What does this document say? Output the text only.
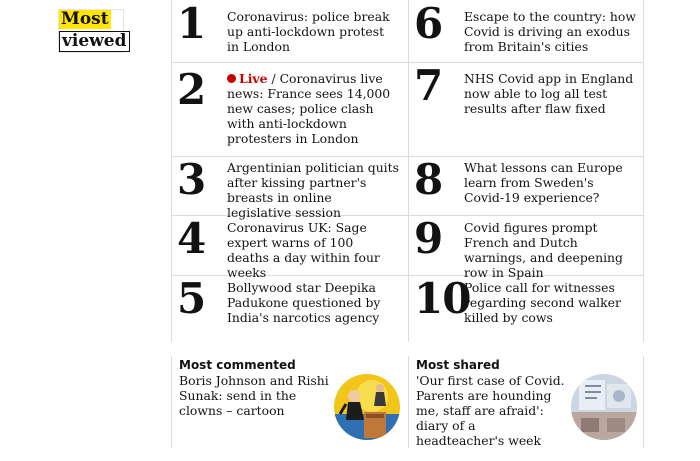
Most
viewed 1 Coronavirus: police break up anti-lockdown protest in London
2	Live / Coronavirus live news: France sees 14,000 new cases; police clash with anti-lockdown protesters in London
3 Argentinian politician quits after kissing partner's breasts in online legislative session
4 Coronavirus UK: Sage expert warns of 100 deaths a day within four weeks
5 Bollywood star Deepika Padukone questioned by India's narcotics agency
6 Escape to the country: how Covid is driving an exodus from Britain's cities
7 NHS Covid app in England now able to log all test results after flaw fixed
8 What lessons can Europe learn from Sweden's Covid-19 experience?
9 Covid figures prompt French and Dutch warnings, and deepening row in Spain
10
Police call for witnesses regarding second walker killed by cows
Most commented
Boris Johnson and Rishi Sunak: send in the clowns – cartoon
Most shared
'Our first case of Covid. Parents are hounding me, staff are afraid': diary of a headteacher's week
